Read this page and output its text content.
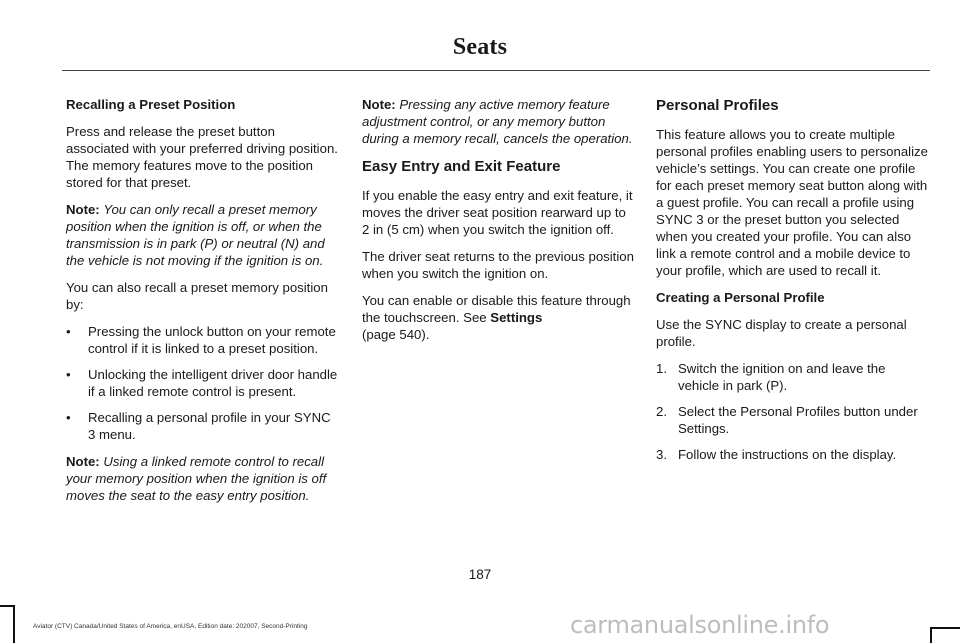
Seats

Recalling a Preset Position

Press and release the preset button associated with your preferred driving position. The memory features move to the position stored for that preset.

Note: You can only recall a preset memory position when the ignition is off, or when the transmission is in park (P) or neutral (N) and the vehicle is not moving if the ignition is on.

You can also recall a preset memory position by:

• Pressing the unlock button on your remote control if it is linked to a preset position.
• Unlocking the intelligent driver door handle if a linked remote control is present.
• Recalling a personal profile in your SYNC 3 menu.

Note: Using a linked remote control to recall your memory position when the ignition is off moves the seat to the easy entry position.

Note: Pressing any active memory feature adjustment control, or any memory button during a memory recall, cancels the operation.

Easy Entry and Exit Feature

If you enable the easy entry and exit feature, it moves the driver seat position rearward up to 2 in (5 cm) when you switch the ignition off.

The driver seat returns to the previous position when you switch the ignition on.

You can enable or disable this feature through the touchscreen. See Settings
(page 540).

Personal Profiles

This feature allows you to create multiple personal profiles enabling users to personalize vehicle’s settings. You can create one profile for each preset memory seat button along with a guest profile. You can recall a profile using SYNC 3 or the preset button you selected when you created your profile. You can also link a remote control and a mobile device to your profile, which are used to recall it.

Creating a Personal Profile

Use the SYNC display to create a personal profile.

1. Switch the ignition on and leave the vehicle in park (P).
2. Select the Personal Profiles button under Settings.
3. Follow the instructions on the display.
187
Aviator (CTV) Canada/United States of America, enUSA, Edition date: 202007, Second-Printing	carmanualsonline.info
